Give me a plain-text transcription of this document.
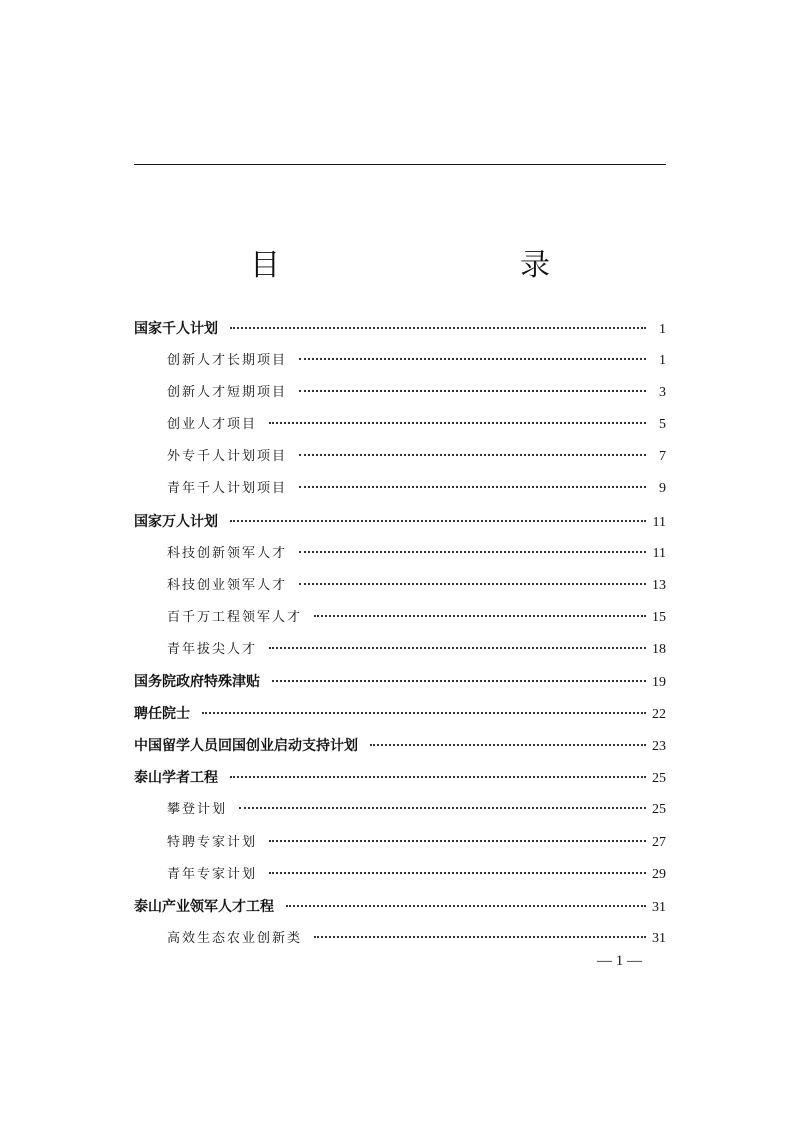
目　　录
国家千人计划	1
创新人才长期项目	1
创新人才短期项目	3
创业人才项目	5
外专千人计划项目	7
青年千人计划项目	9
国家万人计划	11
科技创新领军人才	11
科技创业领军人才	13
百千万工程领军人才	15
青年拔尖人才	18
国务院政府特殊津贴	19
聘任院士	22
中国留学人员回国创业启动支持计划	23
泰山学者工程	25
攀登计划	25
特聘专家计划	27
青年专家计划	29
泰山产业领军人才工程	31
高效生态农业创新类	31
— 1 —
